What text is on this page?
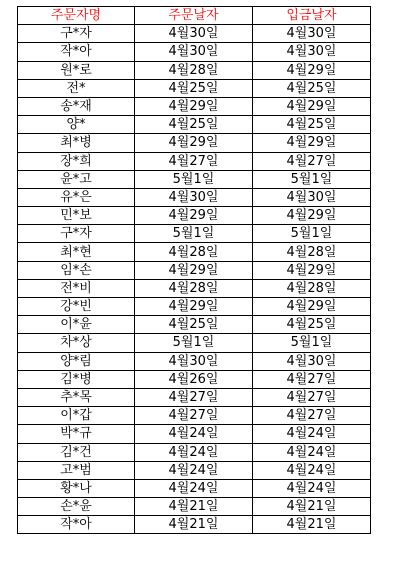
주문자명	주문날자	입금날자
구*자	4월30일	4월30일
작*아	4월30일	4월30일
원*로	4월28일	4월29일
전*	4월25일	4월25일
송*재	4월29일	4월29일
양*	4월25일	4월25일
최*병	4월29일	4월29일
장*희	4월27일	4월27일
윤*고	5월1일	5월1일
유*은	4월30일	4월30일
민*보	4월29일	4월29일
구*자	5월1일	5월1일
최*현	4월28일	4월28일
임*손	4월29일	4월29일
전*비	4월28일	4월28일
강*빈	4월29일	4월29일
이*윤	4월25일	4월25일
차*상	5월1일	5월1일
양*림	4월30일	4월30일
김*병	4월26일	4월27일
추*목	4월27일	4월27일
이*갑	4월27일	4월27일
박*규	4월24일	4월24일
김*건	4월24일	4월24일
고*범	4월24일	4월24일
황*나	4월24일	4월24일
손*윤	4월21일	4월21일
작*아	4월21일	4월21일
